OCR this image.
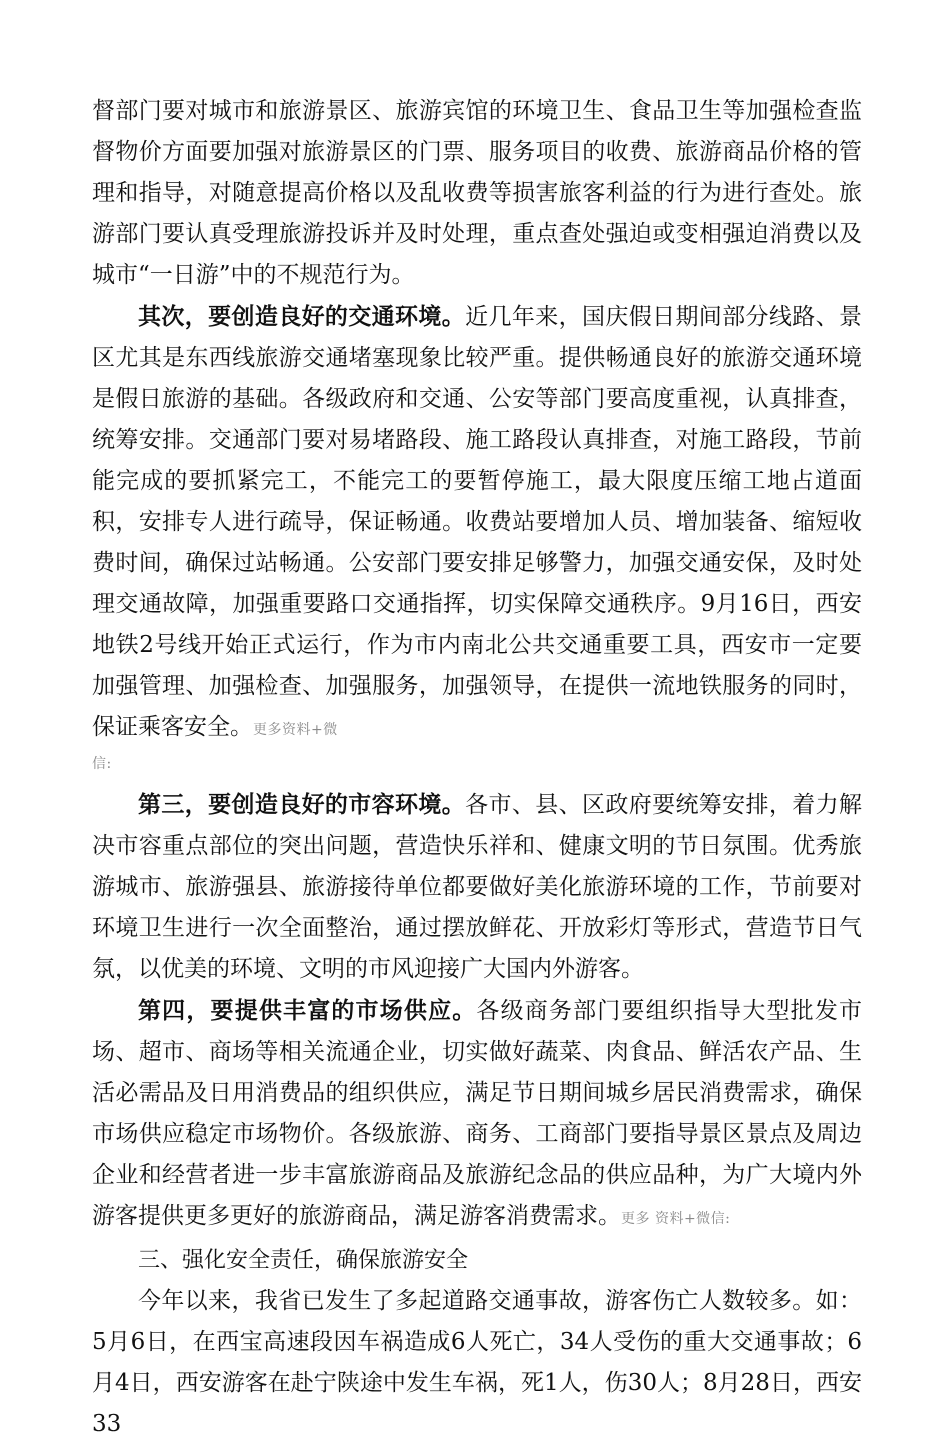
督部门要对城市和旅游景区、旅游宾馆的环境卫生、食品卫生等加强检查监督物价方面要加强对旅游景区的门票、服务项目的收费、旅游商品价格的管理和指导，对随意提高价格以及乱收费等损害旅客利益的行为进行查处。旅游部门要认真受理旅游投诉并及时处理，重点查处强迫或变相强迫消费以及城市“一日游”中的不规范行为。

其次，要创造良好的交通环境。近几年来，国庆假日期间部分线路、景区尤其是东西线旅游交通堵塞现象比较严重。提供畅通良好的旅游交通环境是假日旅游的基础。各级政府和交通、公安等部门要高度重视，认真排查，统筹安排。交通部门要对易堵路段、施工路段认真排查，对施工路段，节前能完成的要抓紧完工，不能完工的要暂停施工，最大限度压缩工地占道面积，安排专人进行疏导，保证畅通。收费站要增加人员、增加装备、缩短收费时间，确保过站畅通。公安部门要安排足够警力，加强交通安保，及时处理交通故障，加强重要路口交通指挥，切实保障交通秩序。9月16日，西安地铁2号线开始正式运行，作为市内南北公共交通重要工具，西安市一定要加强管理、加强检查、加强服务，加强领导，在提供一流地铁服务的同时，保证乘客安全。更多资料+微

信:

第三，要创造良好的市容环境。各市、县、区政府要统筹安排，着力解决市容重点部位的突出问题，营造快乐祥和、健康文明的节日氛围。优秀旅游城市、旅游强县、旅游接待单位都要做好美化旅游环境的工作，节前要对环境卫生进行一次全面整治，通过摆放鲜花、开放彩灯等形式，营造节日气氛，以优美的环境、文明的市风迎接广大国内外游客。

第四，要提供丰富的市场供应。各级商务部门要组织指导大型批发市场、超市、商场等相关流通企业，切实做好蔬菜、肉食品、鲜活农产品、生活必需品及日用消费品的组织供应，满足节日期间城乡居民消费需求，确保市场供应稳定市场物价。各级旅游、商务、工商部门要指导景区景点及周边企业和经营者进一步丰富旅游商品及旅游纪念品的供应品种，为广大境内外游客提供更多更好的旅游商品，满足游客消费需求。更多 资料+微信:

三、强化安全责任，确保旅游安全

今年以来，我省已发生了多起道路交通事故，游客伤亡人数较多。如：5月6日，在西宝高速段因车祸造成6人死亡，34人受伤的重大交通事故；6月4日，西安游客在赴宁陕途中发生车祸，死1人，伤30人；8月28日，西安33
